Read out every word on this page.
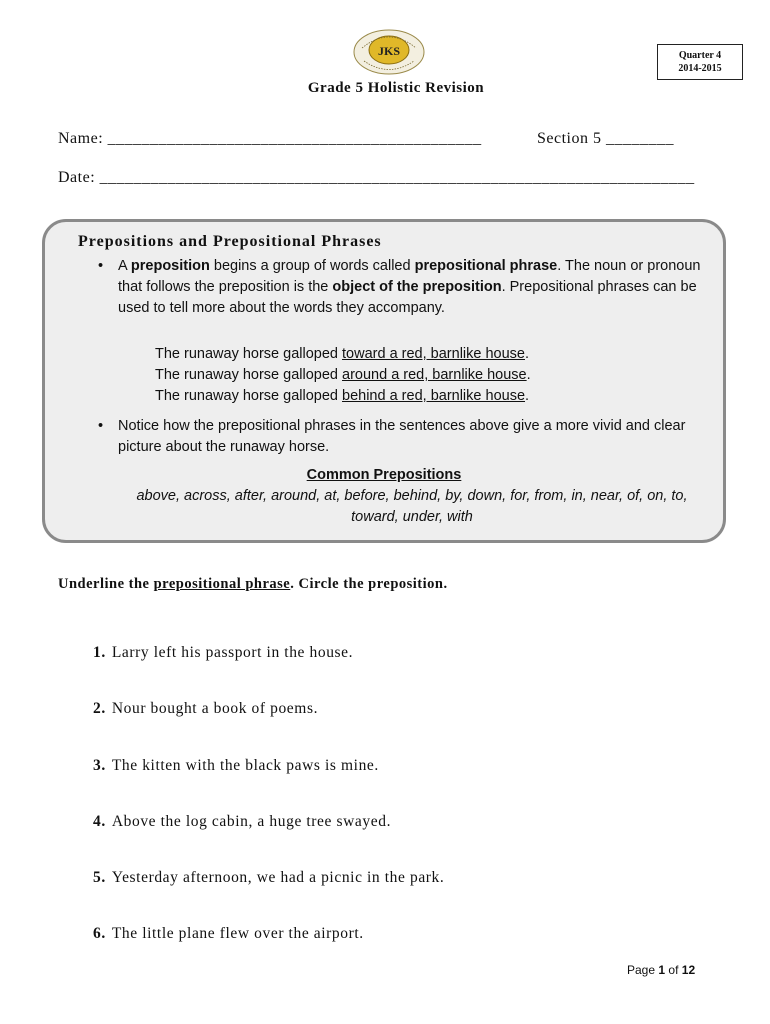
JKS	Quarter 4
2014-2015
Grade 5 Holistic Revision
Name: ____________________________________________	Section 5 ________
Date: ______________________________________________________________________
Prepositions and Prepositional Phrases
• A preposition begins a group of words called prepositional phrase. The noun or pronoun that follows the preposition is the object of the preposition. Prepositional phrases can be used to tell more about the words they accompany.
The runaway horse galloped toward a red, barnlike house.
The runaway horse galloped around a red, barnlike house.
The runaway horse galloped behind a red, barnlike house.
• Notice how the prepositional phrases in the sentences above give a more vivid and clear picture about the runaway horse.
Common Prepositions
above, across, after, around, at, before, behind, by, down, for, from, in, near, of, on, to, toward, under, with
Underline the prepositional phrase. Circle the preposition.
1. Larry left his passport in the house.
2. Nour bought a book of poems.
3. The kitten with the black paws is mine.
4. Above the log cabin, a huge tree swayed.
5. Yesterday afternoon, we had a picnic in the park.
6. The little plane flew over the airport.
Page 1 of 12
